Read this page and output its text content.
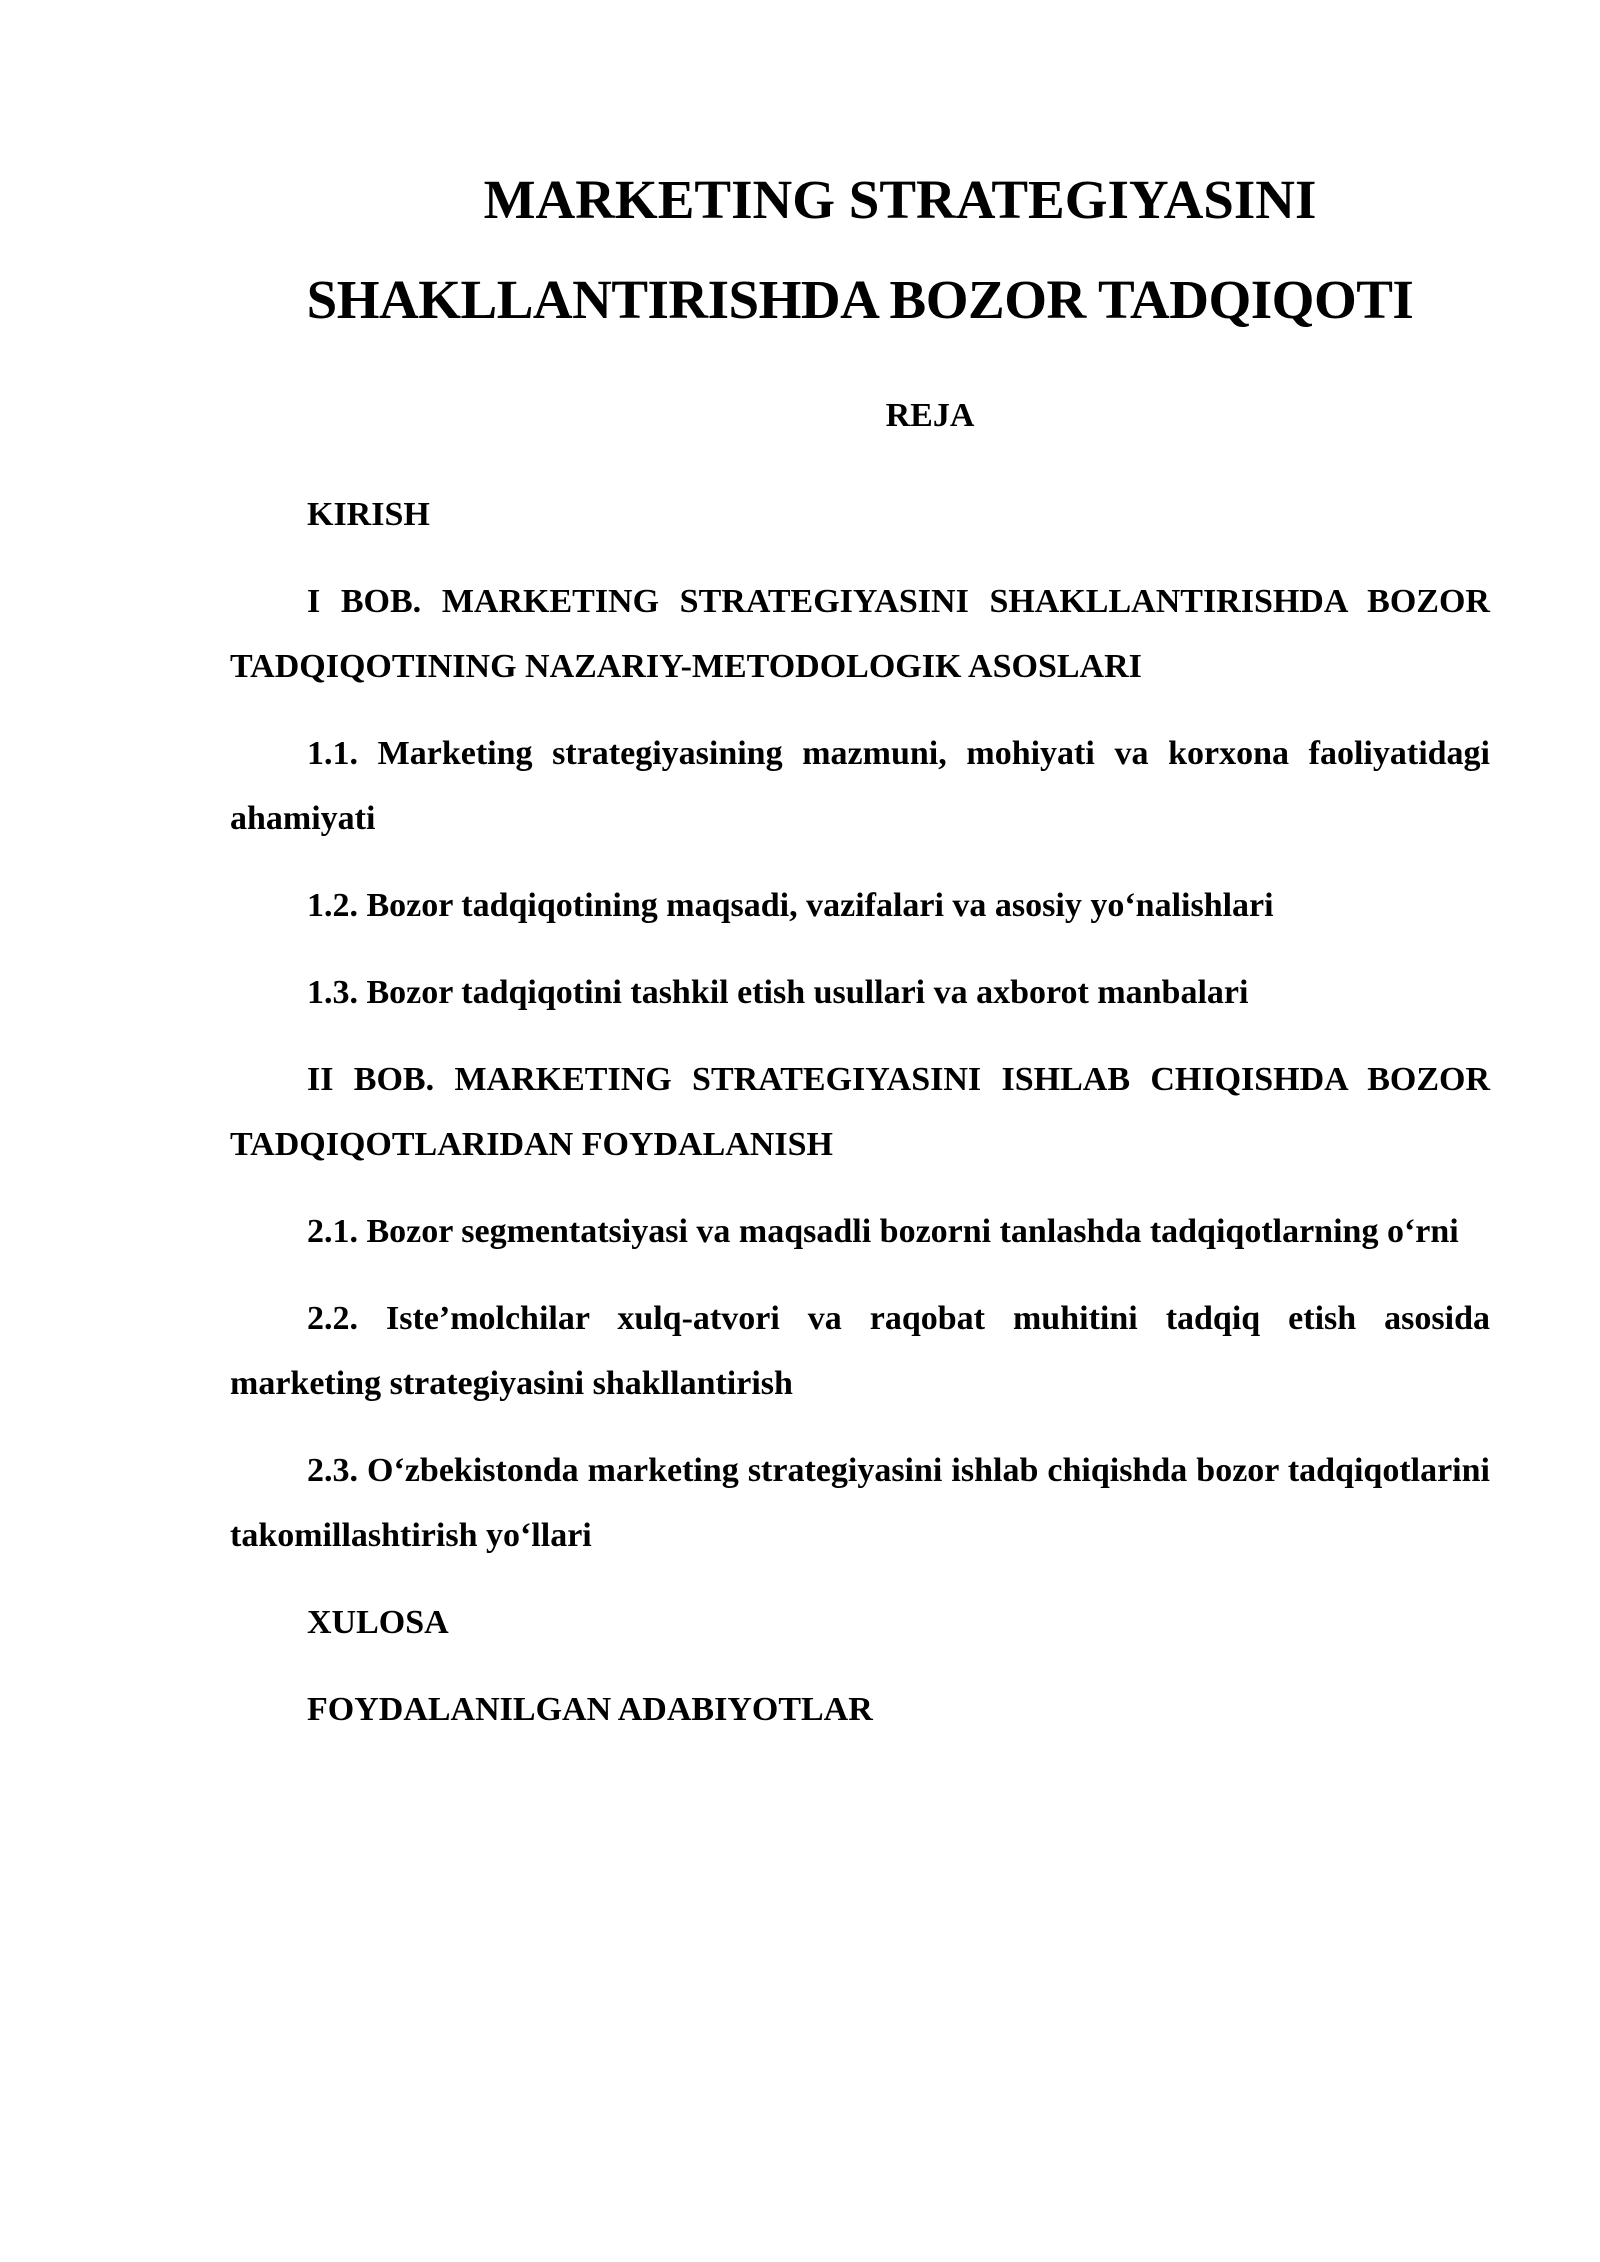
MARKETING STRATEGIYASINI
SHAKLLANTIRISHDA BOZOR TADQIQOTI
REJA
KIRISH
I BOB. MARKETING STRATEGIYASINI SHAKLLANTIRISHDA BOZOR TADQIQOTINING NAZARIY-METODOLOGIK ASOSLARI
1.1. Marketing strategiyasining mazmuni, mohiyati va korxona faoliyatidagi ahamiyati
1.2. Bozor tadqiqotining maqsadi, vazifalari va asosiy yo‘nalishlari
1.3. Bozor tadqiqotini tashkil etish usullari va axborot manbalari
II BOB. MARKETING STRATEGIYASINI ISHLAB CHIQISHDA BOZOR TADQIQOTLARIDAN FOYDALANISH
2.1. Bozor segmentatsiyasi va maqsadli bozorni tanlashda tadqiqotlarning o‘rni
2.2. Iste’molchilar xulq-atvori va raqobat muhitini tadqiq etish asosida marketing strategiyasini shakllantirish
2.3. O‘zbekistonda marketing strategiyasini ishlab chiqishda bozor tadqiqotlarini takomillashtirish yo‘llari
XULOSA
FOYDALANILGAN ADABIYOTLAR
